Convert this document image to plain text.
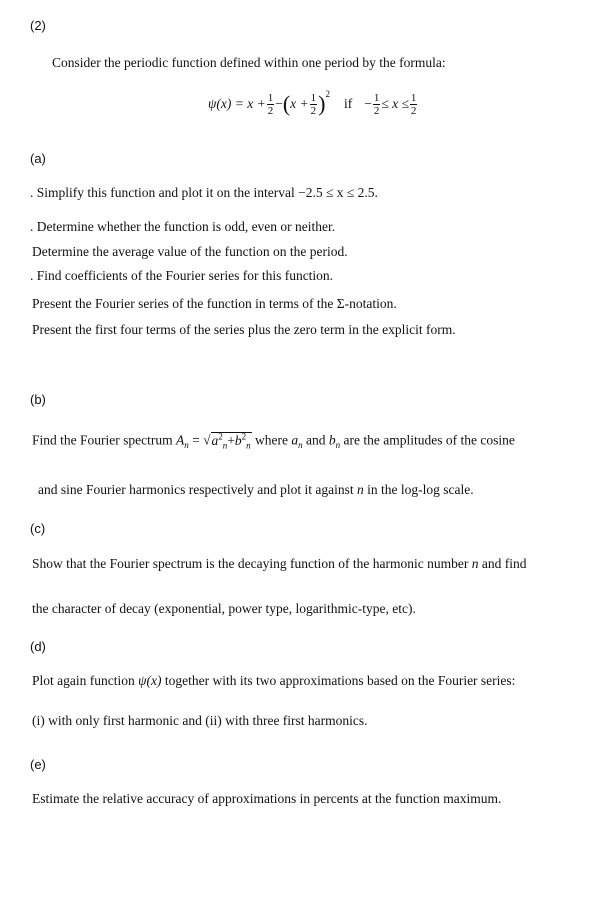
(2)
Consider the periodic function defined within one period by the formula:
$\psi(x) = x + \frac{1}{2}$ − ( $x + \frac{1}{2} )^2$
if − $\frac{1}{2} \le x \le \frac{1}{2}$
(a)
. Simplify this function and plot it on the interval −2.5 ≤ x ≤ 2.5.
. Determine whether the function is odd, even or neither.
Determine the average value of the function on the period.
. Find coefficients of the Fourier series for this function.
Present the Fourier series of the function in terms of the Σ-notation.
Present the first four terms of the series plus the zero term in the explicit form.
(b)
Find the Fourier spectrum $A_n = √a^2_n+b^2_n$ where $a_n$ and $b_n$ are the amplitudes of the cosine
and sine Fourier harmonics respectively and plot it against n in the log-log scale.
(c)
Show that the Fourier spectrum is the decaying function of the harmonic number n and find
the character of decay (exponential, power type, logarithmic-type, etc).
(d)
Plot again function ψ(x) together with its two approximations based on the Fourier series:
(i) with only first harmonic and (ii) with three first harmonics.
(e)
Estimate the relative accuracy of approximations in percents at the function maximum.
